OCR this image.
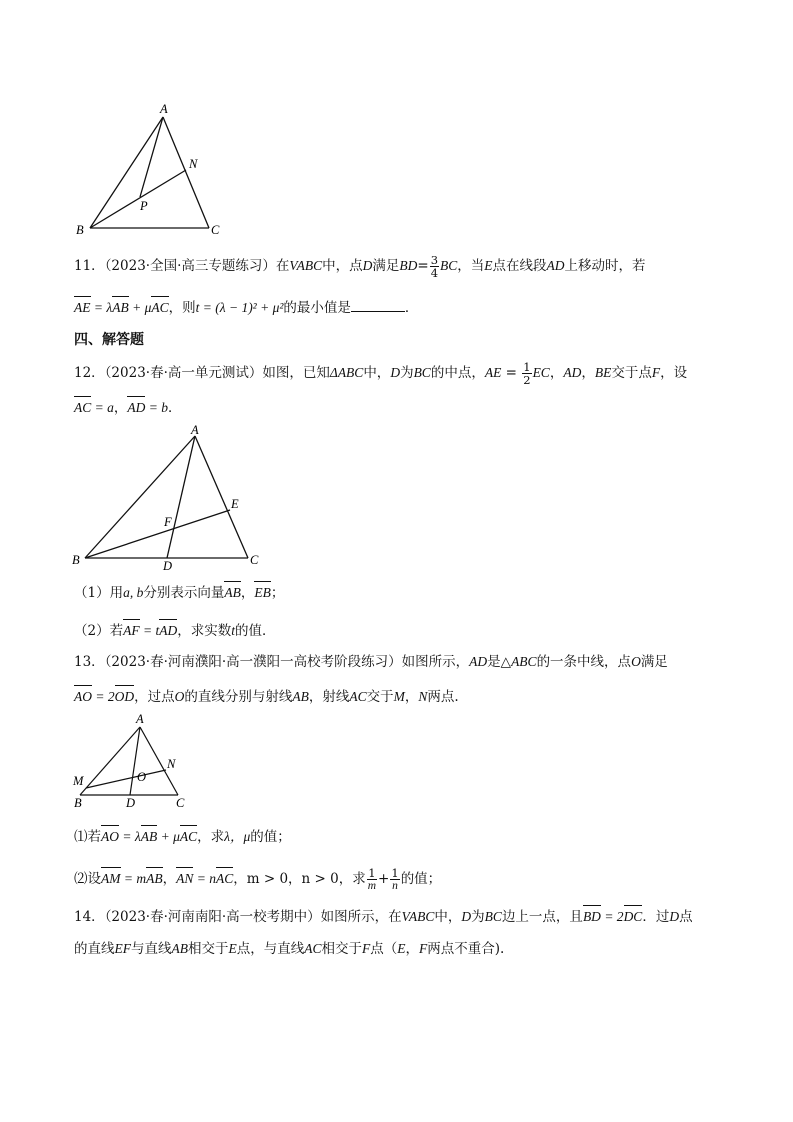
A
N
P
B	C
11．（2023·全国·高三专题练习）在VABC中，点D满足$BD= \frac{3}{4}$ BC，当E点在线段AD上移动时，若
AE = λAB + μAC，则t = (λ − 1)² + μ²的最小值是	．
四、解答题
12．（2023·春·高一单元测试）如图，已知ΔABC中，D为BC的中点，AE = $\frac{1}{2}$ EC，AD，BE交于点F，设
AC = a，AD = b．
A
E
F
B	D	C
（1）用a, b分别表示向量AB，EB；
（2）若AF = tAD，求实数t的值．
13．（2023·春·河南濮阳·高一濮阳一高校考阶段练习）如图所示，AD是△ABC的一条中线，点O满足
AO = 2OD，过点O的直线分别与射线AB，射线AC交于M，N两点.
A
N
M	O
B	D	C
⑴若AO = λAB + μAC，求λ，μ的值；
⑵设AM = mAB，AN = nAC，m > 0，n > 0，求 $\frac{1}{m} + \frac{1}{n}$ 的值；
14．（2023·春·河南南阳·高一校考期中）如图所示，在VABC中，D为BC边上一点，且BD = 2DC．过D点
的直线EF与直线AB相交于E点，与直线AC相交于F点（E，F两点不重合).
